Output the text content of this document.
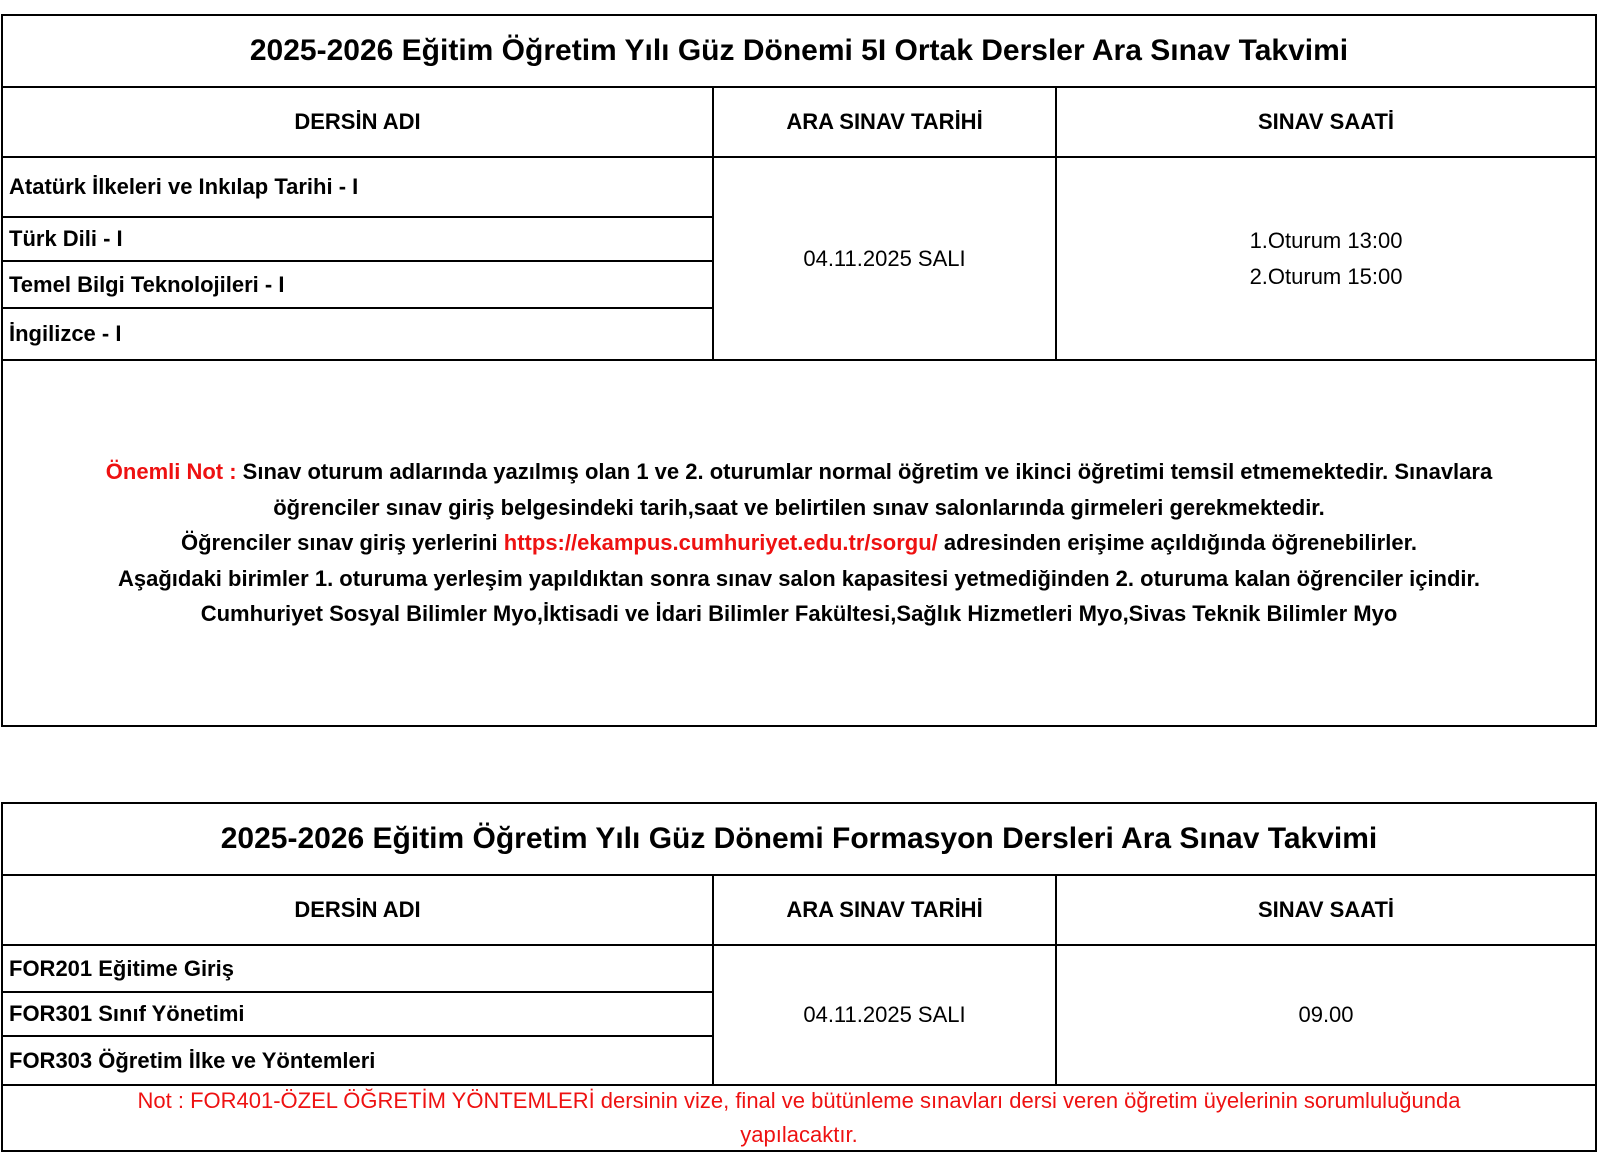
2025-2026 Eğitim Öğretim Yılı Güz Dönemi 5I Ortak Dersler Ara Sınav Takvimi
DERSİN ADI	ARA SINAV TARİHİ	SINAV SAATİ
Atatürk İlkeleri ve Inkılap Tarihi - I
Türk Dili - I
Temel Bilgi Teknolojileri - I
İngilizce - I
04.11.2025 SALI
1.Oturum 13:00
2.Oturum 15:00
Önemli Not : Sınav oturum adlarında yazılmış olan 1 ve 2. oturumlar normal öğretim ve ikinci öğretimi temsil etmemektedir. Sınavlara
öğrenciler sınav giriş belgesindeki tarih,saat ve belirtilen sınav salonlarında girmeleri gerekmektedir.
Öğrenciler sınav giriş yerlerini https://ekampus.cumhuriyet.edu.tr/sorgu/ adresinden erişime açıldığında öğrenebilirler.
Aşağıdaki birimler 1. oturuma yerleşim yapıldıktan sonra sınav salon kapasitesi yetmediğinden 2. oturuma kalan öğrenciler içindir.
Cumhuriyet Sosyal Bilimler Myo,İktisadi ve İdari Bilimler Fakültesi,Sağlık Hizmetleri Myo,Sivas Teknik Bilimler Myo
2025-2026 Eğitim Öğretim Yılı Güz Dönemi Formasyon Dersleri Ara Sınav Takvimi
DERSİN ADI	ARA SINAV TARİHİ	SINAV SAATİ
FOR201 Eğitime Giriş
FOR301 Sınıf Yönetimi
FOR303 Öğretim İlke ve Yöntemleri
04.11.2025 SALI	09.00
Not : FOR401-ÖZEL ÖĞRETİM YÖNTEMLERİ dersinin vize, final ve bütünleme sınavları dersi veren öğretim üyelerinin sorumluluğunda
yapılacaktır.
